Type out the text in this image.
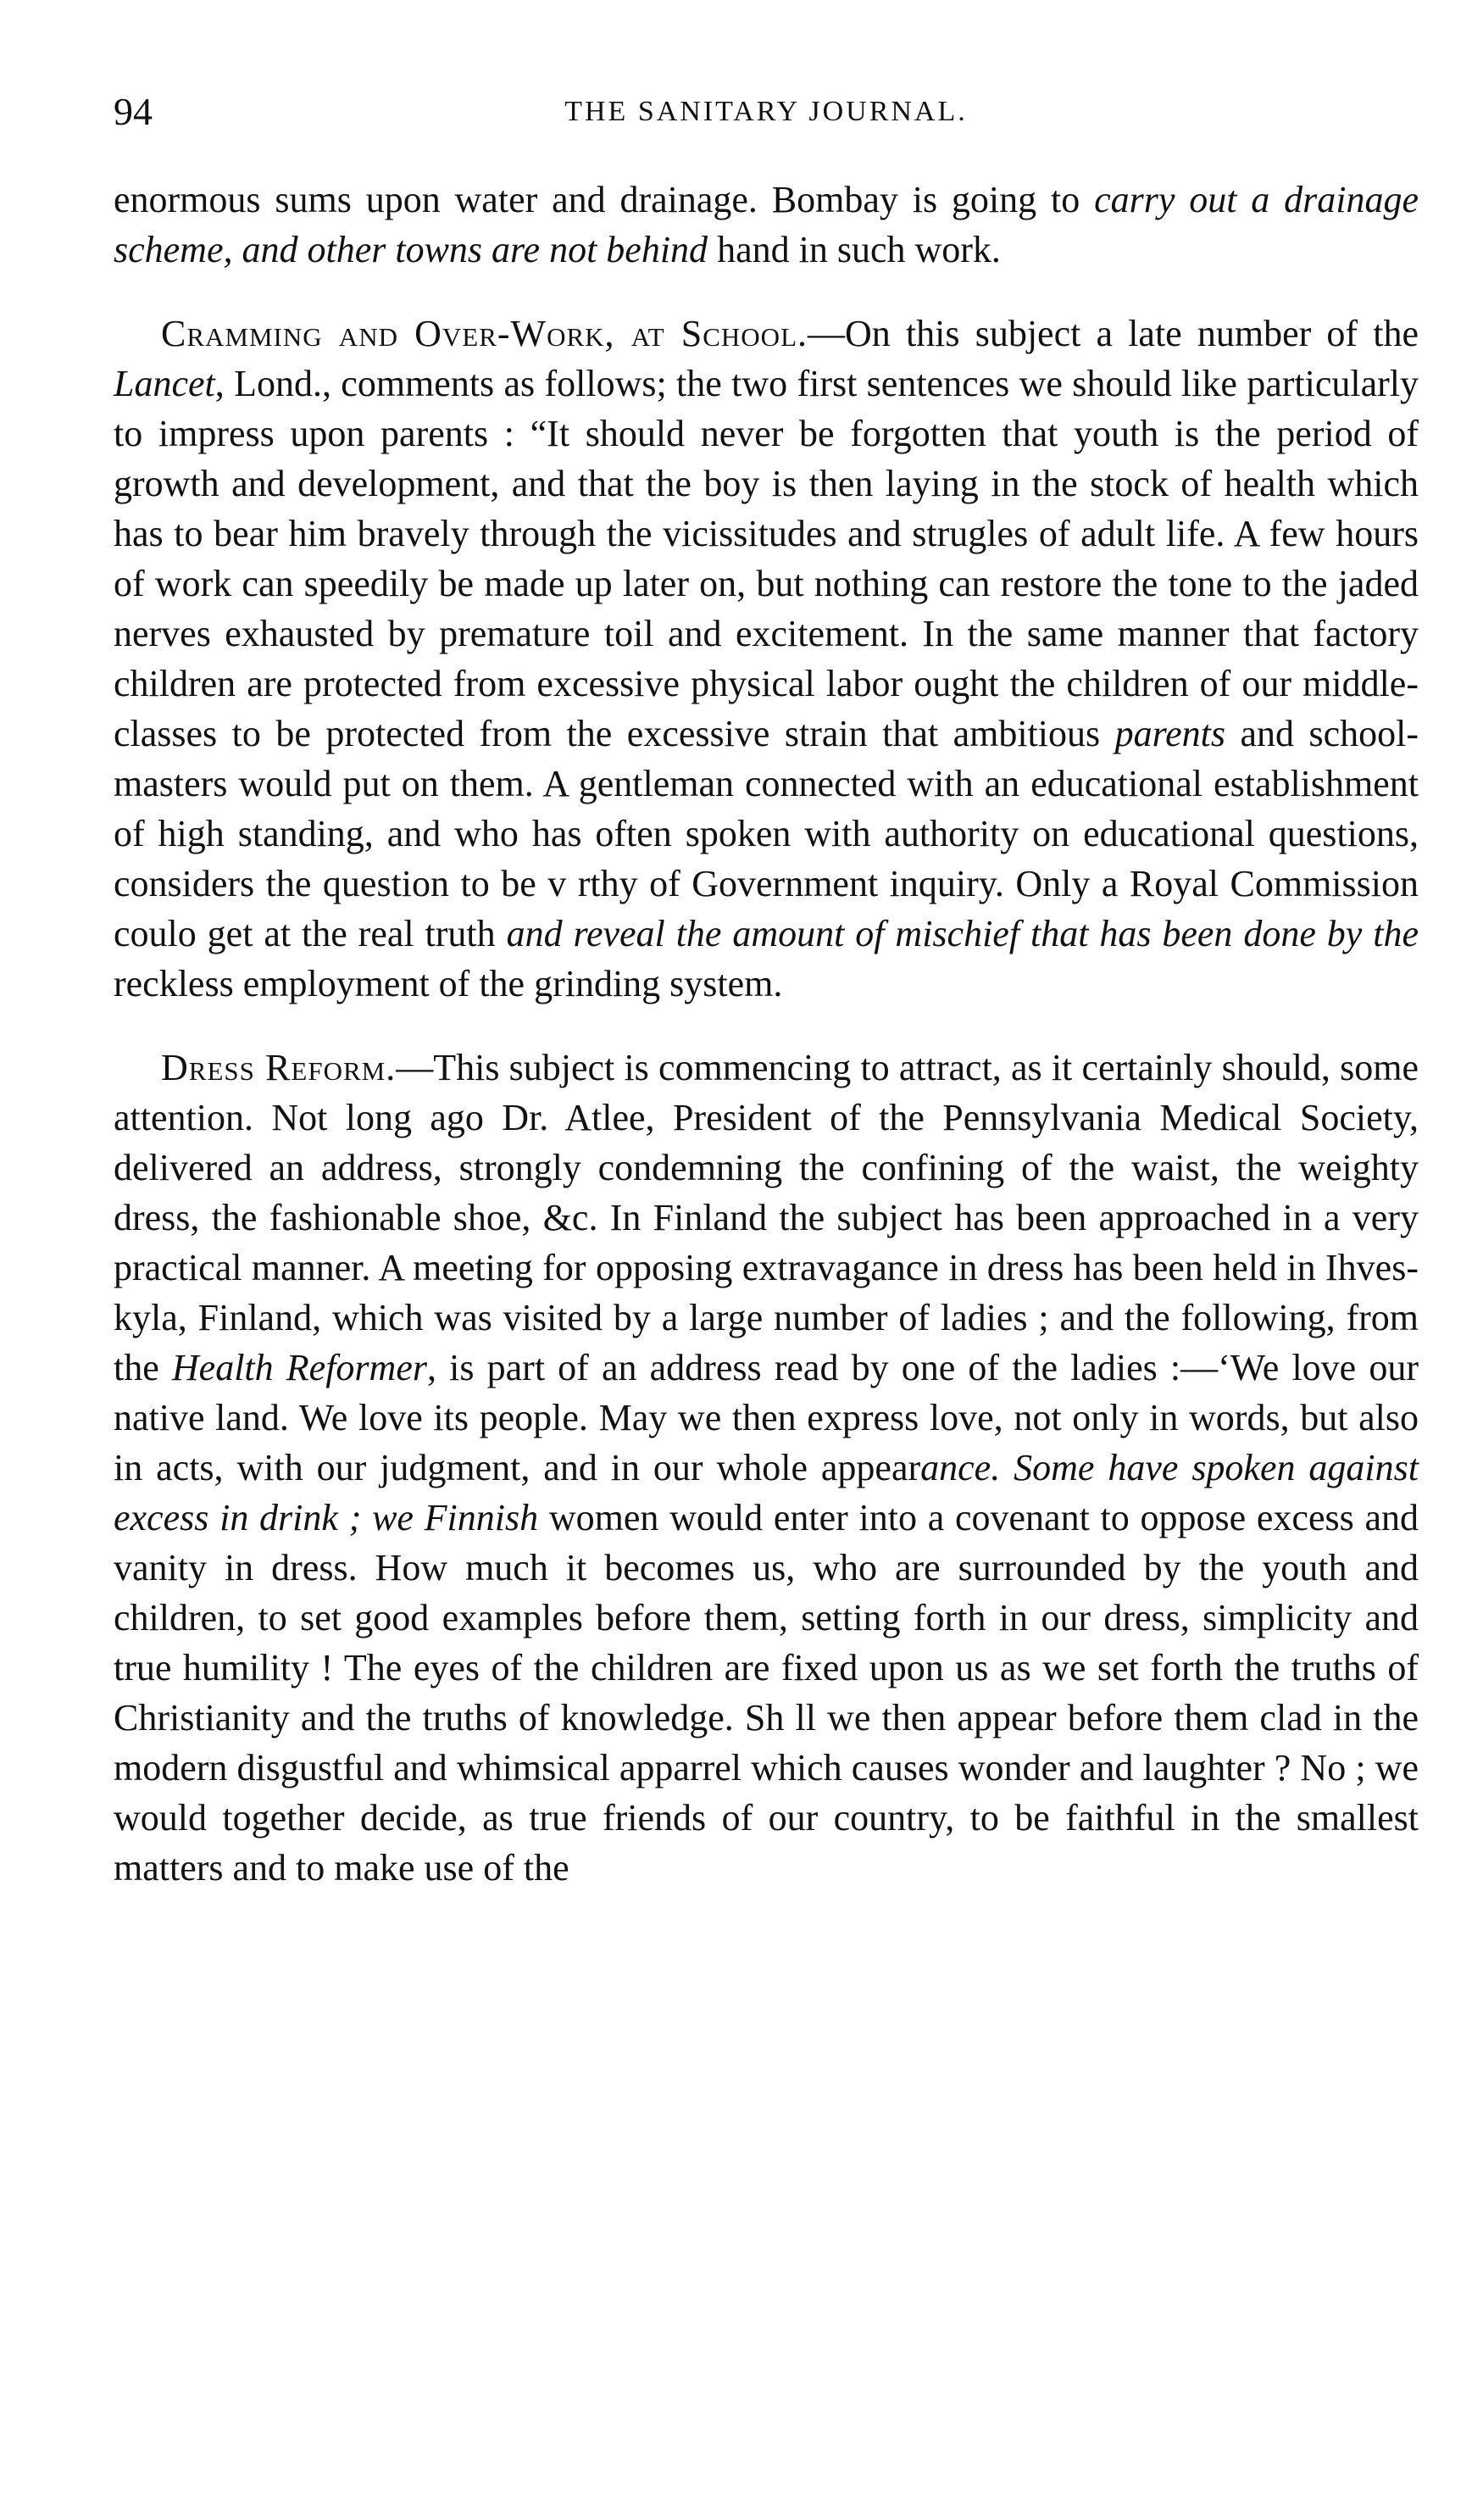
94	THE SANITARY JOURNAL.

enormous sums upon water and drainage. Bombay is going to carry out a drainage scheme, and other towns are not behind hand in such work.

Cramming and Over-Work, at School.—On this subject a late number of the Lancet, Lond., comments as follows; the two first sentences we should like particularly to impress upon parents : “It should never be forgotten that youth is the period of growth and development, and that the boy is then laying in the stock of health which has to bear him bravely through the vicissitudes and strugles of adult life. A few hours of work can speedily be made up later on, but nothing can restore the tone to the jaded nerves exhausted by premature toil and excitement. In the same manner that factory children are protected from excessive physical labor ought the children of our middleclasses to be protected from the excessive strain that ambitious parents and school-masters would put on them. A gentleman connected with an educational establishment of high standing, and who has often spoken with authority on educational questions, considers the question to be v rthy of Government inquiry. Only a Royal Commission coulo get at the real truth and reveal the amount of mischief that has been done by the reckless employment of the grinding system.

Dress Reform.—This subject is commencing to attract, as it certainly should, some attention. Not long ago Dr. Atlee, President of the Pennsylvania Medical Society, delivered an address, strongly condemning the confining of the waist, the weighty dress, the fashionable shoe, &c. In Finland the subject has been approached in a very practical manner. A meeting for opposing extravagance in dress has been held in Ihveskyla, Finland, which was visited by a large number of ladies ; and the following, from the Health Reformer, is part of an address read by one of the ladies :—‘We love our native land. We love its people. May we then express love, not only in words, but also in acts, with our judgment, and in our whole appearance. Some have spoken against excess in drink ; we Finnish women would enter into a covenant to oppose excess and vanity in dress. How much it becomes us, who are surrounded by the youth and children, to set good examples before them, setting forth in our dress, simplicity and true humility ! The eyes of the children are fixed upon us as we set forth the truths of Christianity and the truths of knowledge. Sh ll we then appear before them clad in the modern disgustful and whimsical apparrel which causes wonder and laughter ? No ; we would together decide, as true friends of our country, to be faithful in the smallest matters and to make use of the
